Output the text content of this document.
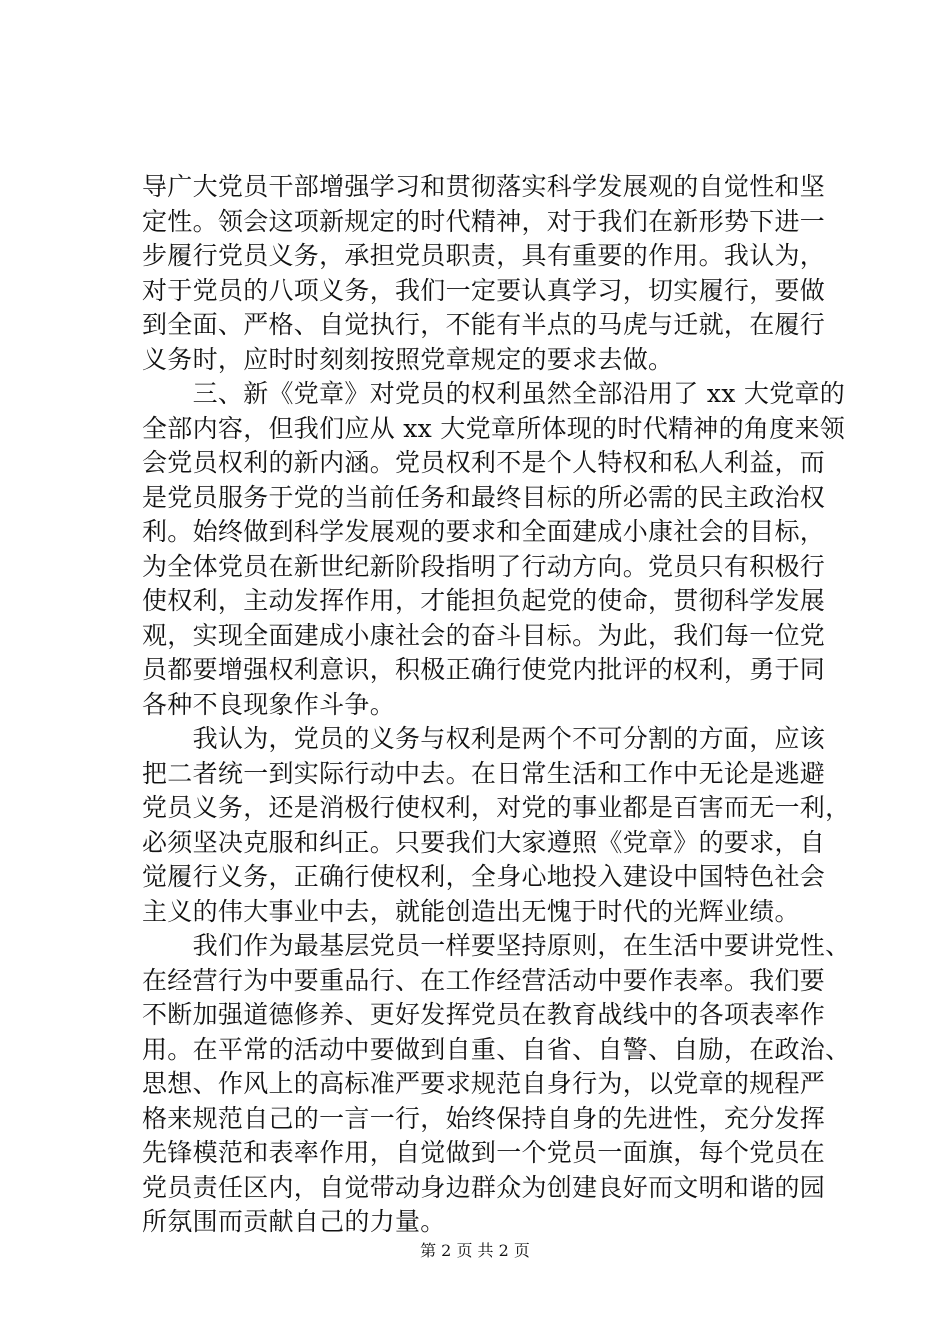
导广大党员干部增强学习和贯彻落实科学发展观的自觉性和坚
定性。领会这项新规定的时代精神，对于我们在新形势下进一
步履行党员义务，承担党员职责，具有重要的作用。我认为，
对于党员的八项义务，我们一定要认真学习，切实履行，要做
到全面、严格、自觉执行，不能有半点的马虎与迁就，在履行
义务时，应时时刻刻按照党章规定的要求去做。
　　三、新《党章》对党员的权利虽然全部沿用了 xx 大党章的
全部内容，但我们应从 xx 大党章所体现的时代精神的角度来领
会党员权利的新内涵。党员权利不是个人特权和私人利益，而
是党员服务于党的当前任务和最终目标的所必需的民主政治权
利。始终做到科学发展观的要求和全面建成小康社会的目标，
为全体党员在新世纪新阶段指明了行动方向。党员只有积极行
使权利，主动发挥作用，才能担负起党的使命，贯彻科学发展
观，实现全面建成小康社会的奋斗目标。为此，我们每一位党
员都要增强权利意识，积极正确行使党内批评的权利，勇于同
各种不良现象作斗争。
　　我认为，党员的义务与权利是两个不可分割的方面，应该
把二者统一到实际行动中去。在日常生活和工作中无论是逃避
党员义务，还是消极行使权利，对党的事业都是百害而无一利，
必须坚决克服和纠正。只要我们大家遵照《党章》的要求，自
觉履行义务，正确行使权利，全身心地投入建设中国特色社会
主义的伟大事业中去，就能创造出无愧于时代的光辉业绩。
　　我们作为最基层党员一样要坚持原则，在生活中要讲党性、
在经营行为中要重品行、在工作经营活动中要作表率。我们要
不断加强道德修养、更好发挥党员在教育战线中的各项表率作
用。在平常的活动中要做到自重、自省、自警、自励，在政治、
思想、作风上的高标准严要求规范自身行为，以党章的规程严
格来规范自己的一言一行，始终保持自身的先进性，充分发挥
先锋模范和表率作用，自觉做到一个党员一面旗，每个党员在
党员责任区内，自觉带动身边群众为创建良好而文明和谐的园
所氛围而贡献自己的力量。
第 2 页 共 2 页
